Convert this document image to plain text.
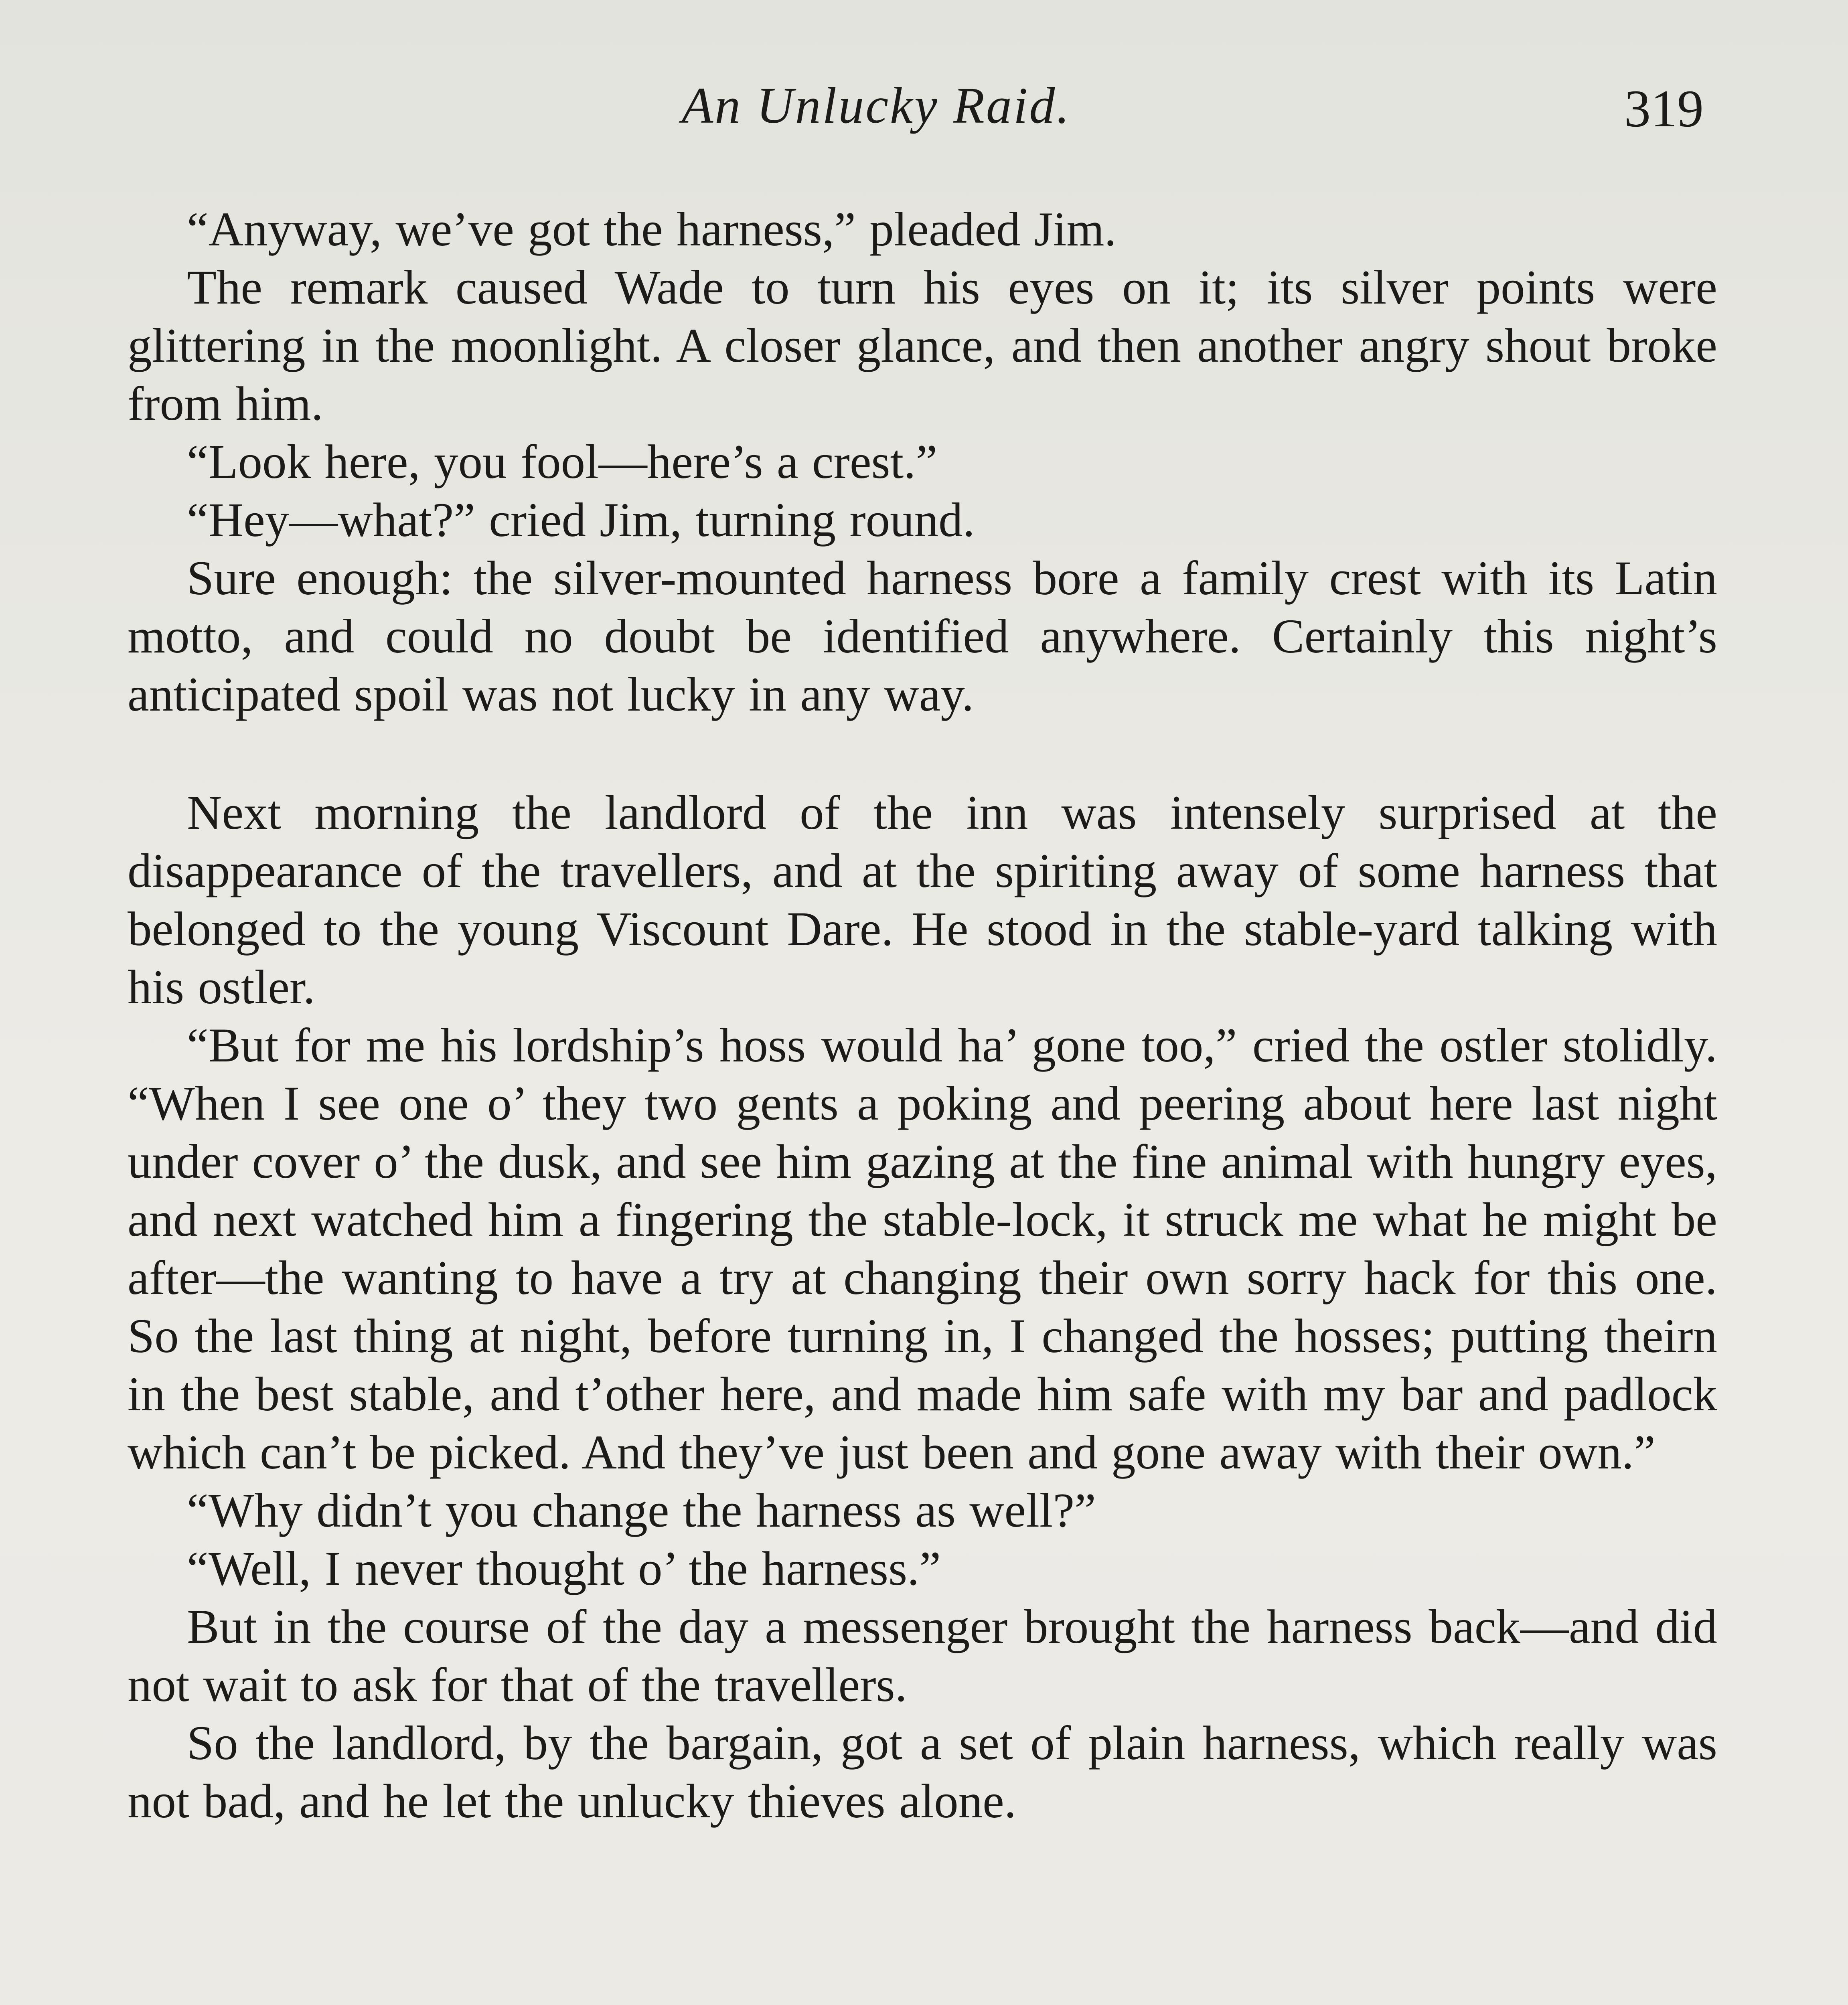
An Unlucky Raid.	319

“Anyway, we’ve got the harness,” pleaded Jim.

The remark caused Wade to turn his eyes on it; its silver points were glittering in the moonlight. A closer glance, and then another angry shout broke from him.

“Look here, you fool—here’s a crest.”

“Hey—what?” cried Jim, turning round.

Sure enough: the silver-mounted harness bore a family crest with its Latin motto, and could no doubt be identified anywhere. Certainly this night’s anticipated spoil was not lucky in any way.

Next morning the landlord of the inn was intensely surprised at the disappearance of the travellers, and at the spiriting away of some harness that belonged to the young Viscount Dare. He stood in the stable-yard talking with his ostler.

“But for me his lordship’s hoss would ha’ gone too,” cried the ostler stolidly. “When I see one o’ they two gents a poking and peering about here last night under cover o’ the dusk, and see him gazing at the fine animal with hungry eyes, and next watched him a fingering the stable-lock, it struck me what he might be after—the wanting to have a try at changing their own sorry hack for this one. So the last thing at night, before turning in, I changed the hosses; putting theirn in the best stable, and t’other here, and made him safe with my bar and padlock which can’t be picked. And they’ve just been and gone away with their own.”

“Why didn’t you change the harness as well?”

“Well, I never thought o’ the harness.”

But in the course of the day a messenger brought the harness back—and did not wait to ask for that of the travellers.

So the landlord, by the bargain, got a set of plain harness, which really was not bad, and he let the unlucky thieves alone.
